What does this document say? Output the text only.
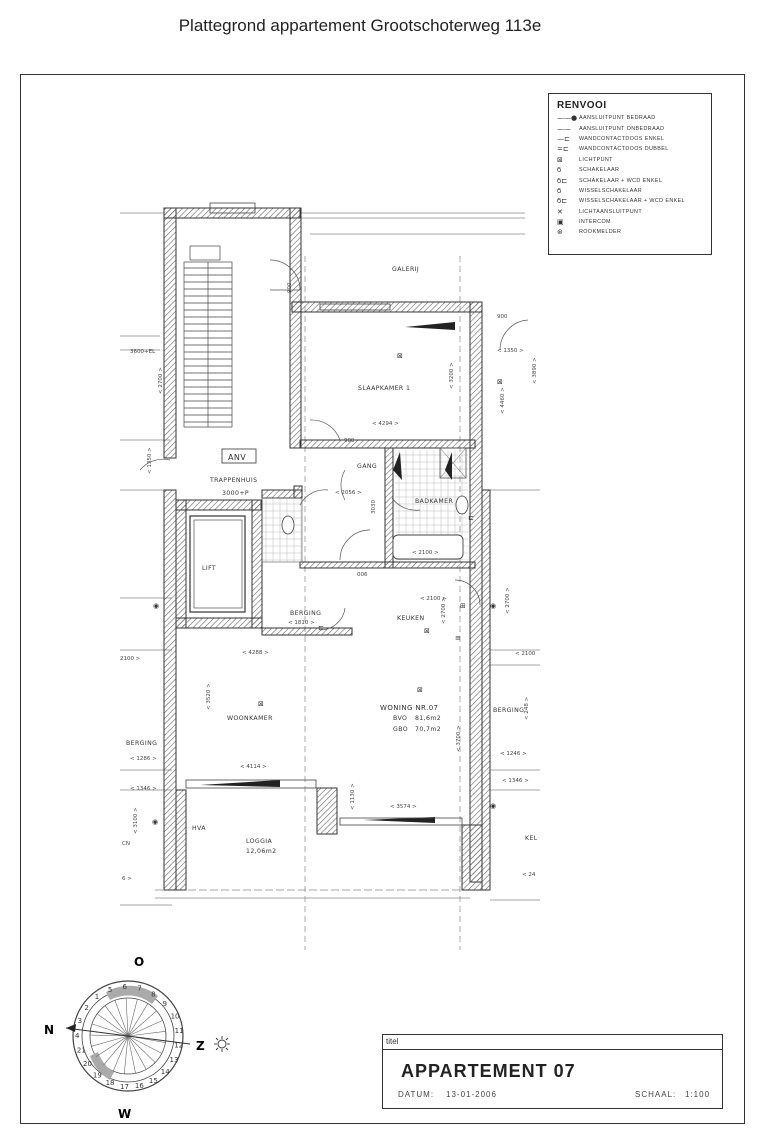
Plattegrond appartement Grootschoterweg 113e
RENVOOI
——● AANSLUITPUNT BEDRAAD
——	AANSLUITPUNT ONBEDRAAD
—⊏	WANDCONTACTDOOS ENKEL
=⊏	WANDCONTACTDOOS DUBBEL
⊠	LICHTPUNT
ϭ	SCHAKELAAR
ϭ⊏	SCHAKELAAR + WCD ENKEL
ϭ	WISSELSCHAKELAAR
ϭ⊏	WISSELSCHAKELAAR + WCD ENKEL
✕	LICHTAANSLUITPUNT
▣	INTERCOM
⊛	ROOKMELDER
GALERIJ
SLAAPKAMER 1
ANV
TRAPPENHUIS
3000+P
GANG
BADKAMER
LIFT
BERGING
KEUKEN
WONING NR.07
BVO 81,6m2
GBO 70,7m2
WOONKAMER
LOGGIA
12,06m2
BERGING
BERGING
HVA
KEL
900
900
< 1350 >
< 3200 >
< 2700 >
< 4460 >
< 3890 >
< 4294 >
909
< 2056 >
3030
< 2100 >
< 2100 >
< 2700 >
006
< 1810 >
< 4288 >
< 3520 >
< 4114 >
< 3700 >
< 3574 >
< 1130 >
< 1246 >
< 1346 >
< 248 >
< 2700 >
2100 >
< 2100
< 1286 >
< 1346 >
< 3100 >
< 1350 >
3600+EL
< 24
6 >
CN
⊠
⊠
⊠
⊠
⊠
⊞
≡
⊏
⊏
◉	◉
◉
◉
O
N
Z
W
5 6 7
8
9
10
11
12
13
14
15
16
17
18
19
20
21
4
3
2
1
titel
APPARTEMENT 07
DATUM: 13-01-2006	SCHAAL: 1:100
